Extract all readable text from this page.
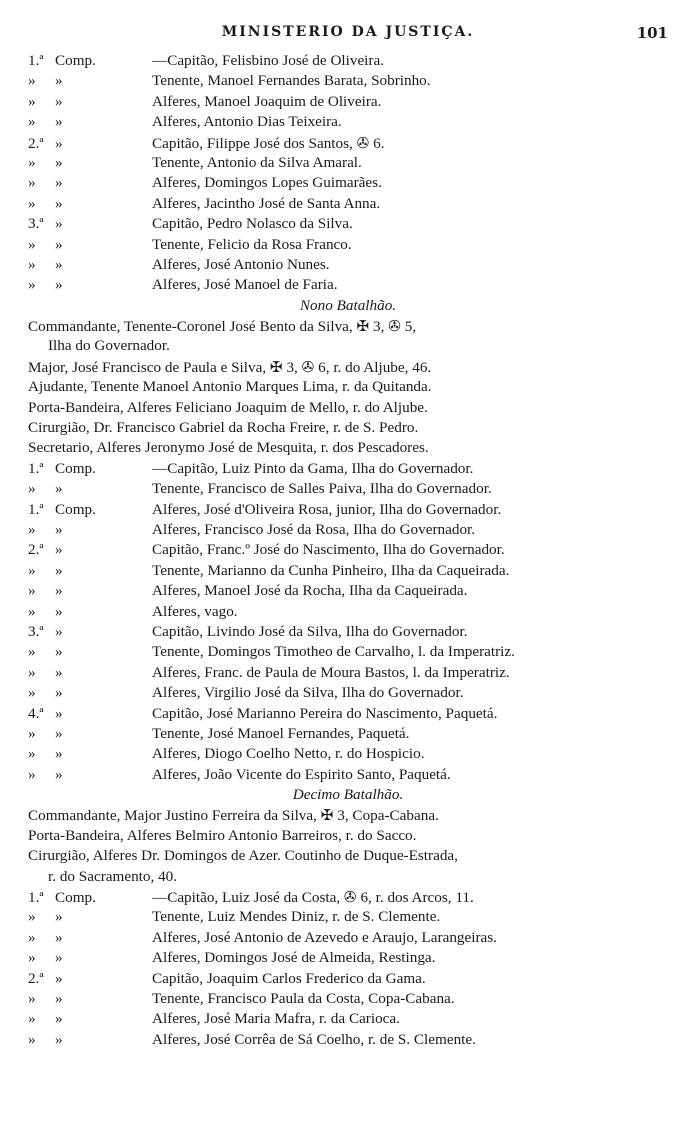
MINISTERIO DA JUSTIÇA.	101
1.ª Comp.	—Capitão, Felisbino José de Oliveira.
»	»	Tenente, Manoel Fernandes Barata, Sobrinho.
»	»	Alferes, Manoel Joaquim de Oliveira.
»	»	Alferes, Antonio Dias Teixeira.
2.ª »	Capitão, Filippe José dos Santos, ✇ 6.
»	»	Tenente, Antonio da Silva Amaral.
»	»	Alferes, Domingos Lopes Guimarães.
»	»	Alferes, Jacintho José de Santa Anna.
3.ª »	Capitão, Pedro Nolasco da Silva.
»	»	Tenente, Felicio da Rosa Franco.
»	»	Alferes, José Antonio Nunes.
»	»	Alferes, José Manoel de Faria.
Nono Batalhão.
Commandante, Tenente-Coronel José Bento da Silva, ✠ 3, ✇ 5,
Ilha do Governador.
Major, José Francisco de Paula e Silva, ✠ 3, ✇ 6, r. do Aljube, 46.
Ajudante, Tenente Manoel Antonio Marques Lima, r. da Quitanda.
Porta-Bandeira, Alferes Feliciano Joaquim de Mello, r. do Aljube.
Cirurgião, Dr. Francisco Gabriel da Rocha Freire, r. de S. Pedro.
Secretario, Alferes Jeronymo José de Mesquita, r. dos Pescadores.
1.ª Comp.	—Capitão, Luiz Pinto da Gama, Ilha do Governador.
»	»	Tenente, Francisco de Salles Paiva, Ilha do Governador.
1.ª Comp.	Alferes, José d'Oliveira Rosa, junior, Ilha do Governador.
»	»	Alferes, Francisco José da Rosa, Ilha do Governador.
2.ª »	Capitão, Franc.º José do Nascimento, Ilha do Governador.
»	»	Tenente, Marianno da Cunha Pinheiro, Ilha da Caqueirada.
»	»	Alferes, Manoel José da Rocha, Ilha da Caqueirada.
»	»	Alferes, vago.
3.ª »	Capitão, Livindo José da Silva, Ilha do Governador.
»	»	Tenente, Domingos Timotheo de Carvalho, l. da Imperatriz.
»	»	Alferes, Franc. de Paula de Moura Bastos, l. da Imperatriz.
»	»	Alferes, Virgilio José da Silva, Ilha do Governador.
4.ª »	Capitão, José Marianno Pereira do Nascimento, Paquetá.
»	»	Tenente, José Manoel Fernandes, Paquetá.
»	»	Alferes, Diogo Coelho Netto, r. do Hospicio.
»	»	Alferes, João Vicente do Espirito Santo, Paquetá.
Decimo Batalhão.
Commandante, Major Justino Ferreira da Silva, ✠ 3, Copa-Cabana.
Porta-Bandeira, Alferes Belmiro Antonio Barreiros, r. do Sacco.
Cirurgião, Alferes Dr. Domingos de Azer. Coutinho de Duque-Estrada,
r. do Sacramento, 40.
1.ª Comp.	—Capitão, Luiz José da Costa, ✇ 6, r. dos Arcos, 11.
»	»	Tenente, Luiz Mendes Diniz, r. de S. Clemente.
»	»	Alferes, José Antonio de Azevedo e Araujo, Larangeiras.
»	»	Alferes, Domingos José de Almeida, Restinga.
2.ª »	Capitão, Joaquim Carlos Frederico da Gama.
»	»	Tenente, Francisco Paula da Costa, Copa-Cabana.
»	»	Alferes, José Maria Mafra, r. da Carioca.
»	»	Alferes, José Corrêa de Sá Coelho, r. de S. Clemente.
